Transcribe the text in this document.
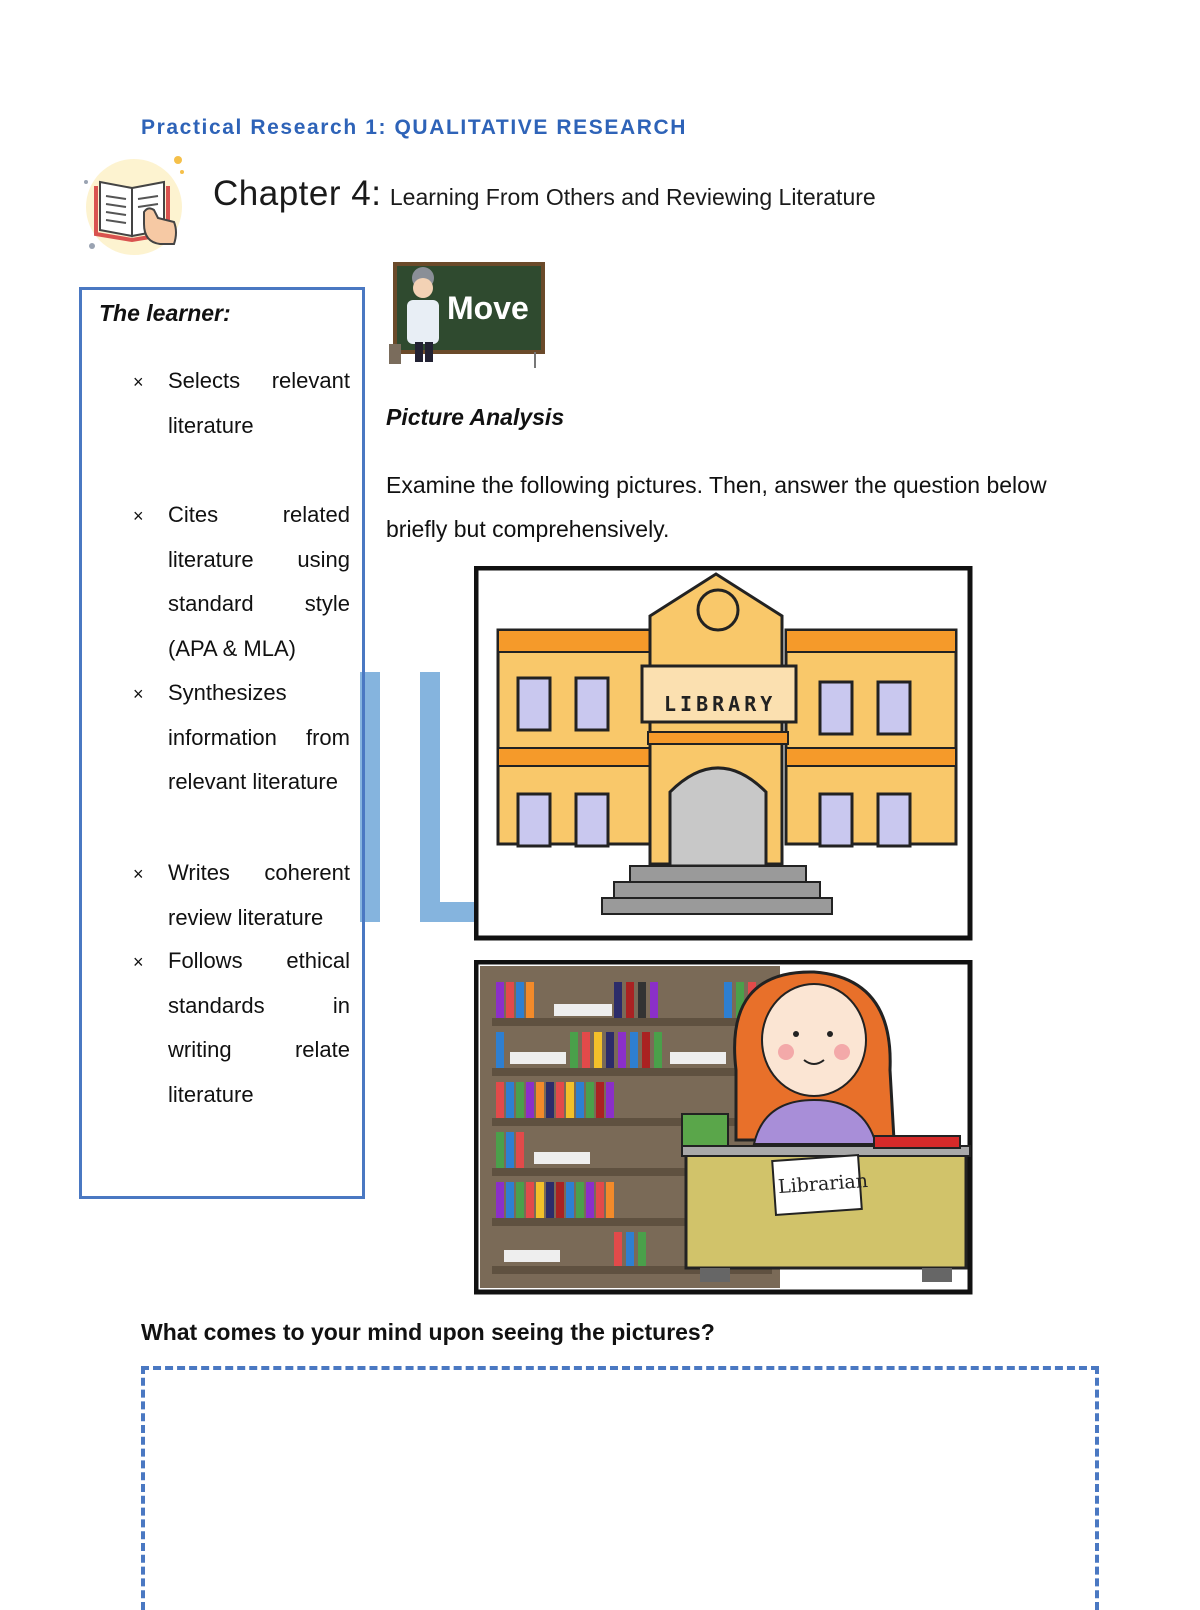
Practical Research 1: QUALITATIVE RESEARCH
Chapter 4: Learning From Others and Reviewing Literature
The learner:
× Selects relevant literature
× Cites related literature using standard style (APA & MLA)
× Synthesizes information from relevant literature
× Writes coherent review literature
× Follows ethical standards in writing relate literature
Move
Picture Analysis
Examine the following pictures. Then, answer the question below briefly but comprehensively.
LIBRARY
Librarian
What comes to your mind upon seeing the pictures?
